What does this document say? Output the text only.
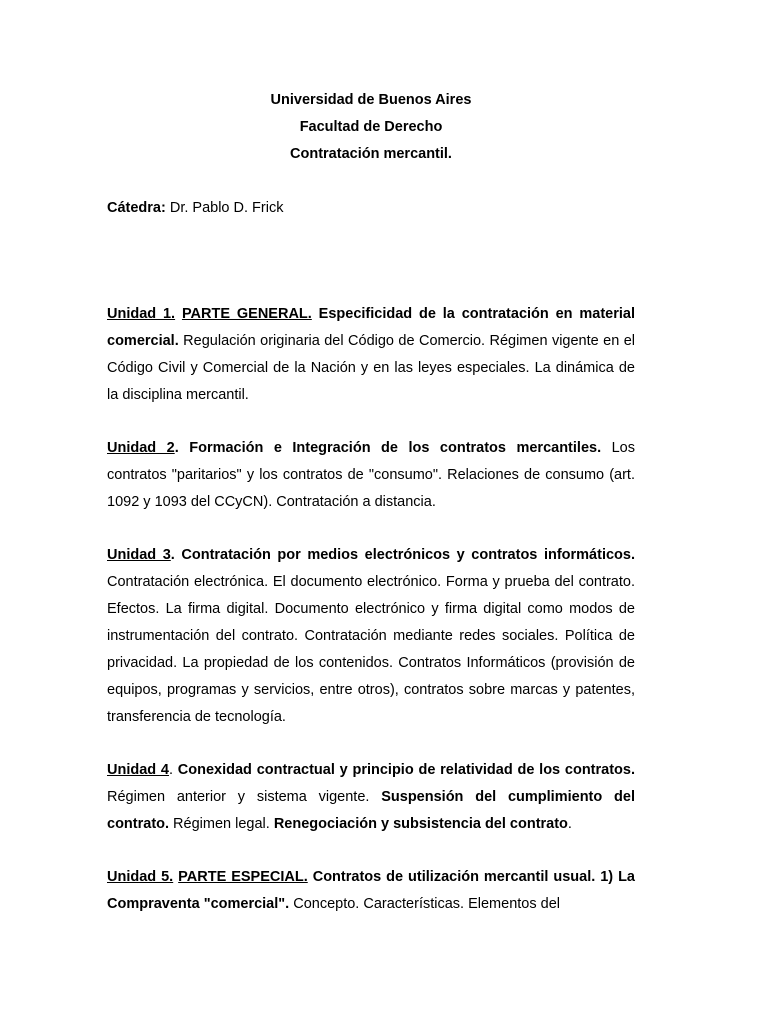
Universidad de Buenos Aires
Facultad de Derecho
Contratación mercantil.
Cátedra: Dr. Pablo D. Frick

Unidad 1. PARTE GENERAL. Especificidad de la contratación en material comercial. Regulación originaria del Código de Comercio. Régimen vigente en el Código Civil y Comercial de la Nación y en las leyes especiales. La dinámica de la disciplina mercantil.

Unidad 2. Formación e Integración de los contratos mercantiles. Los contratos "paritarios" y los contratos de "consumo". Relaciones de consumo (art. 1092 y 1093 del CCyCN). Contratación a distancia.

Unidad 3. Contratación por medios electrónicos y contratos informáticos. Contratación electrónica. El documento electrónico. Forma y prueba del contrato. Efectos. La firma digital. Documento electrónico y firma digital como modos de instrumentación del contrato. Contratación mediante redes sociales. Política de privacidad. La propiedad de los contenidos. Contratos Informáticos (provisión de equipos, programas y servicios, entre otros), contratos sobre marcas y patentes, transferencia de tecnología.

Unidad 4. Conexidad contractual y principio de relatividad de los contratos. Régimen anterior y sistema vigente. Suspensión del cumplimiento del contrato. Régimen legal. Renegociación y subsistencia del contrato.

Unidad 5. PARTE ESPECIAL. Contratos de utilización mercantil usual. 1) La Compraventa "comercial". Concepto. Características. Elementos del
